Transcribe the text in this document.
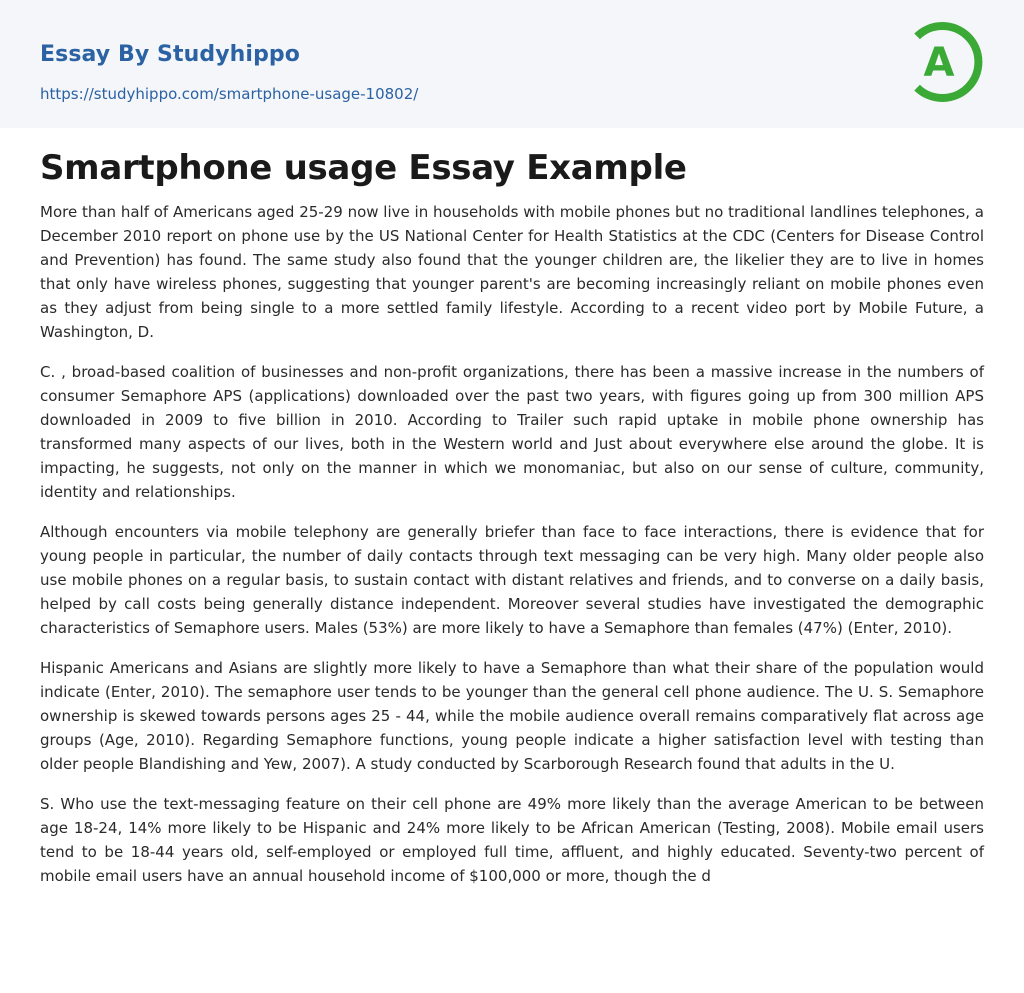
Essay By Studyhippo
https://studyhippo.com/smartphone-usage-10802/
A
Smartphone usage Essay Example

More than half of Americans aged 25-29 now live in households with mobile phones but no traditional landlines telephones, a December 2010 report on phone use by the US National Center for Health Statistics at the CDC (Centers for Disease Control and Prevention) has found. The same study also found that the younger children are, the likelier they are to live in homes that only have wireless phones, suggesting that younger parent's are becoming increasingly reliant on mobile phones even as they adjust from being single to a more settled family lifestyle. According to a recent video port by Mobile Future, a Washington, D.

C. , broad-based coalition of businesses and non-profit organizations, there has been a massive increase in the numbers of consumer Semaphore APS (applications) downloaded over the past two years, with figures going up from 300 million APS downloaded in 2009 to five billion in 2010. According to Trailer such rapid uptake in mobile phone ownership has transformed many aspects of our lives, both in the Western world and Just about everywhere else around the globe. It is impacting, he suggests, not only on the manner in which we monomaniac, but also on our sense of culture, community, identity and relationships.

Although encounters via mobile telephony are generally briefer than face to face interactions, there is evidence that for young people in particular, the number of daily contacts through text messaging can be very high. Many older people also use mobile phones on a regular basis, to sustain contact with distant relatives and friends, and to converse on a daily basis, helped by call costs being generally distance independent. Moreover several studies have investigated the demographic characteristics of Semaphore users. Males (53%) are more likely to have a Semaphore than females (47%) (Enter, 2010).

Hispanic Americans and Asians are slightly more likely to have a Semaphore than what their share of the population would indicate (Enter, 2010). The semaphore user tends to be younger than the general cell phone audience. The U. S. Semaphore ownership is skewed towards persons ages 25 - 44, while the mobile audience overall remains comparatively flat across age groups (Age, 2010). Regarding Semaphore functions, young people indicate a higher satisfaction level with testing than older people Blandishing and Yew, 2007). A study conducted by Scarborough Research found that adults in the U.

S. Who use the text-messaging feature on their cell phone are 49% more likely than the average American to be between age 18-24, 14% more likely to be Hispanic and 24% more likely to be African American (Testing, 2008). Mobile email users tend to be 18-44 years old, self-employed or employed full time, affluent, and highly educated. Seventy-two percent of mobile email users have an annual household income of $100,000 or more, though the d
